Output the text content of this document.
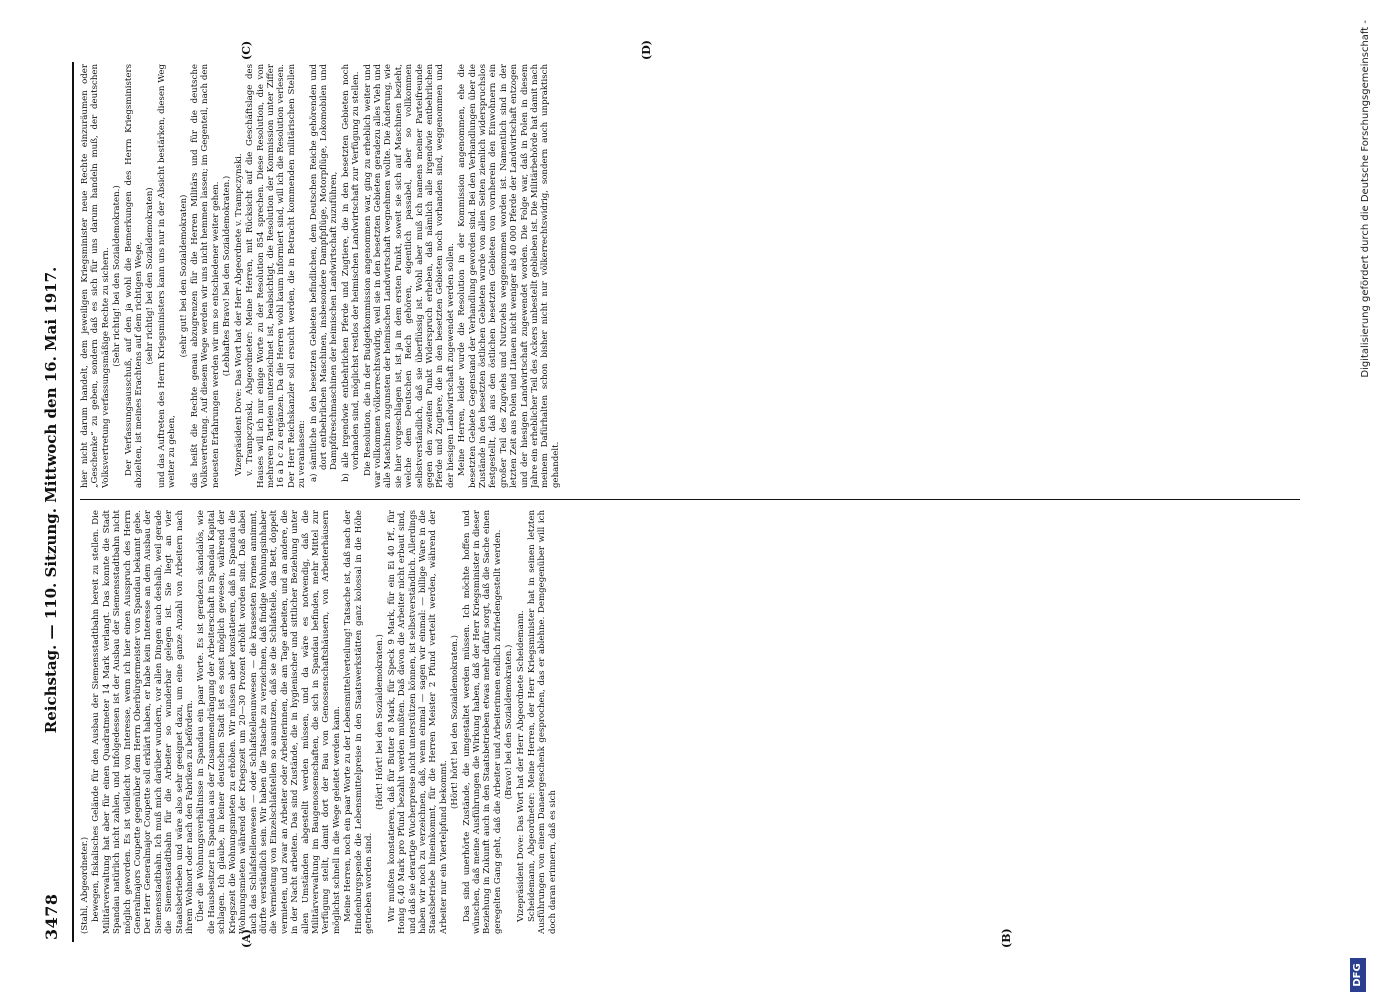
3478
Reichstag. — 110. Sitzung. Mittwoch den 16. Mai 1917.
(A)	(B)
(C)	(D)

(Stahl, Abgeordneter.) bewegen, fiskalisches Gelände für den Ausbau der Siemensstadtbahn bereit zu stellen. Die Militärverwaltung hat aber für einen Quadratmeter 14 Mark verlangt. Das konnte die Stadt Spandau natürlich nicht zahlen, und infolgedessen ist der Ausbau der Siemensstadtbahn nicht möglich geworden. Es ist vielleicht von Interesse, wenn ich hier einen Ausspruch des Herrn Generalmajors Coupette gegenüber dem Herrn Oberbürgermeister von Spandau bekannt gebe. Der Herr Generalmajor Coupette soll erklärt haben, er habe kein Interesse an dem Ausbau der Siemensstadtbahn. Ich muß mich darüber wundern, vor allen Dingen auch deshalb, weil gerade die Siemensstadtbahn für die Arbeiter so wunderbar gelegen ist. Sie liegt an vier Staatsbetrieben und wäre also sehr geeignet dazu, um eine ganze Anzahl von Arbeitern nach ihrem Wohnort oder nach den Fabriken zu befördern. Über die Wohnungsverhältnisse in Spandau ein paar Worte. Es ist geradezu skandalös, wie die Hausbesitzer in Spandau aus der Zusammendrängung der Arbeiterschaft in Spandau Kapital schlagen. Ich glaube, in keiner deutschen Stadt ist es sonst möglich gewesen, während der Kriegszeit die Wohnungsmieten zu erhöhen. Wir müssen aber konstatieren, daß in Spandau die Wohnungsmieten während der Kriegszeit um 20—30 Prozent erhöht worden sind. Daß dabei auch das Schlafstellenwesen — oder Schlafstellenunwesen — die krassesten Formen annimmt, dürfte verständlich sein. Wir haben die Tatsache zu verzeichnen, daß findige Wohnungsinhaber die Vermietung von Einzelschlafstellen so ausnutzen, daß sie die Schlafstelle, das Bett, doppelt vermieten, und zwar an Arbeiter oder Arbeiterinnen, die am Tage arbeiten, und an andere, die in der Nacht arbeiten. Das sind Zustände, die in hygienischer und sittlicher Beziehung unter allen Umständen abgestellt werden müssen, und da wäre es notwendig, daß die Militärverwaltung im Baugenossenschaften, die sich in Spandau befinden, mehr Mittel zur Verfügung stellt, damit dort der Bau von Genossenschaftshäusern, von Arbeiterhäusern möglichst schnell in die Wege geleitet werden kann. Meine Herren, noch ein paar Worte zu der Lebensmittelverteilung! Tatsache ist, daß nach der Hindenburgspende die Lebensmittelpreise in den Staatswerkstätten ganz kolossal in die Höhe getrieben worden sind.

(Hört! Hört! bei den Sozialdemokraten.) Wir mußten konstatieren, daß für Butter 8 Mark, für Speck 9 Mark, für ein Ei 40 Pf., für Honig 6,40 Mark pro Pfund bezahlt werden mußten. Daß davon die Arbeiter nicht erbaut sind, und daß sie derartige Wucherpreise nicht unterstützen können, ist selbstverständlich. Allerdings haben wir noch zu verzeichnen, daß, wenn einmal — sagen wir einmal: — billige Ware in die Staatsbetriebe hineinkommt, für die Herren Meister 2 Pfund verteilt werden, während der Arbeiter nur ein Viertelpfund bekommt.

(Hört! hört! bei den Sozialdemokraten.) Das sind unerhörte Zustände, die umgestaltet werden müssen. Ich möchte hoffen und wünschen, daß meine Ausführungen die Wirkung haben, daß der Herr Kriegsminister in dieser Beziehung in Zukunft auch in den Staatsbetrieben etwas mehr dafür sorgt, daß die Sache einen geregelten Gang geht, daß die Arbeiter und Arbeiterinnen endlich zufriedengestellt werden. (Bravo! bei den Sozialdemokraten.) Vizepräsident Dove: Das Wort hat der Herr Abgeordnete Scheidemann. Scheidemann, Abgeordneter: Meine Herren, der Herr Kriegsminister hat in seinen letzten Ausführungen von einem Danaergeschenk gesprochen, das er ablehne. Demgegenüber will ich doch daran erinnern, daß es sich

hier nicht darum handelt, dem jeweiligen Kriegsminister neue Rechte einzuräumen oder „Geschenke“ zu geben, sondern daß es sich für uns darum handeln muß, der deutschen Volksvertretung verfassungsmäßige Rechte zu sichern. (Sehr richtig! bei den Sozialdemokraten.) Der Verfassungsausschuß, auf den ja wohl die Bemerkungen des Herrn Kriegsministers abzielten, ist meines Erachtens auf dem richtigen Wege, (sehr richtig! bei den Sozialdemokraten) und das Auftreten des Herrn Kriegsministers kann uns nur in der Absicht bestärken, diesen Weg weiter zu gehen,

(sehr gut! bei den Sozialdemokraten) das heißt die Rechte genau abzugrenzen für die Herren Militärs und für die deutsche Volksvertretung. Auf diesem Wege werden wir uns nicht hemmen lassen; im Gegenteil, nach den neuesten Erfahrungen werden wir um so entschiedener weiter gehen. (Lebhaftes Bravo! bei den Sozialdemokraten.) Vizepräsident Dove: Das Wort hat der Herr Abgeordnete v. Trampczynski. v. Trampczynski, Abgeordneter: Meine Herren, mit Rücksicht auf die Geschäftslage des Hauses will ich nur einige Worte zu der Resolution 854 sprechen. Diese Resolution, die von mehreren Parteien unterzeichnet ist, beabsichtigt, die Resolution der Kommission unter Ziffer 16 a b c zu ergänzen. Da die Herren wohl kaum informiert sind, will ich die Resolution verlesen. Der Herr Reichskanzler soll ersucht werden, die in Betracht kommenden militärischen Stellen zu veranlassen: a) sämtliche in den besetzten Gebieten befindlichen, dem Deutschen Reiche gehörenden und dort entbehrlichen Maschinen, insbesondere Dampfpflüge, Motorpflüge, Lokomobilen und Dampfdreschmaschinen der heimischen Landwirtschaft zuzuführen, b) alle irgendwie entbehrlichen Pferde und Zugtiere, die in den besetzten Gebieten noch vorhanden sind, möglichst restlos der heimischen Landwirtschaft zur Verfügung zu stellen. Die Resolution, die in der Budgetkommission angenommen war, ging zu erheblich weiter und war vollkommen völkerrechtswidrig, weil sie in den besetzten Gebieten geradezu alles Vieh und alle Maschinen zugunsten der heimischen Landwirtschaft wegnehmen wollte. Die Änderung, wie sie hier vorgeschlagen ist, ist ja in dem ersten Punkt, soweit sie sich auf Maschinen bezieht, welche dem Deutschen Reich gehören, eigentlich passabel, aber so vollkommen selbstverständlich, daß sie überflüssig ist. Wohl aber muß ich namens meiner Parteifreunde gegen den zweiten Punkt Widerspruch erheben, daß nämlich alle irgendwie entbehrlichen Pferde und Zugtiere, die in den besetzten Gebieten noch vorhanden sind, weggenommen und der hiesigen Landwirtschaft zugewendet werden sollen. Meine Herren, leider wurde die Resolution in der Kommission angenommen, ehe die besetzten Gebiete Gegenstand der Verhandlung geworden sind. Bei den Verhandlungen über die Zustände in den besetzten östlichen Gebieten wurde von allen Seiten ziemlich widerspruchslos festgestellt, daß aus den östlichen besetzten Gebieten von vornherein den Einwohnern ein großer Teil des Zugviehs und Nutzviehs weggenommen worden ist. Namentlich sind in der letzten Zeit aus Polen und Litauen nicht weniger als 40 000 Pferde der Landwirtschaft entzogen und der hiesigen Landwirtschaft zugewendet worden. Die Folge war, daß in Polen in diesem Jahre ein erheblicher Teil des Ackers unbestellt geblieben ist. Die Militärbehörde hat damit nach meinem Dafürhalten schon bisher nicht nur völkerrechtswidrig, sondern auch unpraktisch gehandelt.

Digitalisierung gefördert durch die Deutsche Forschungsgemeinschaft -
DFG
